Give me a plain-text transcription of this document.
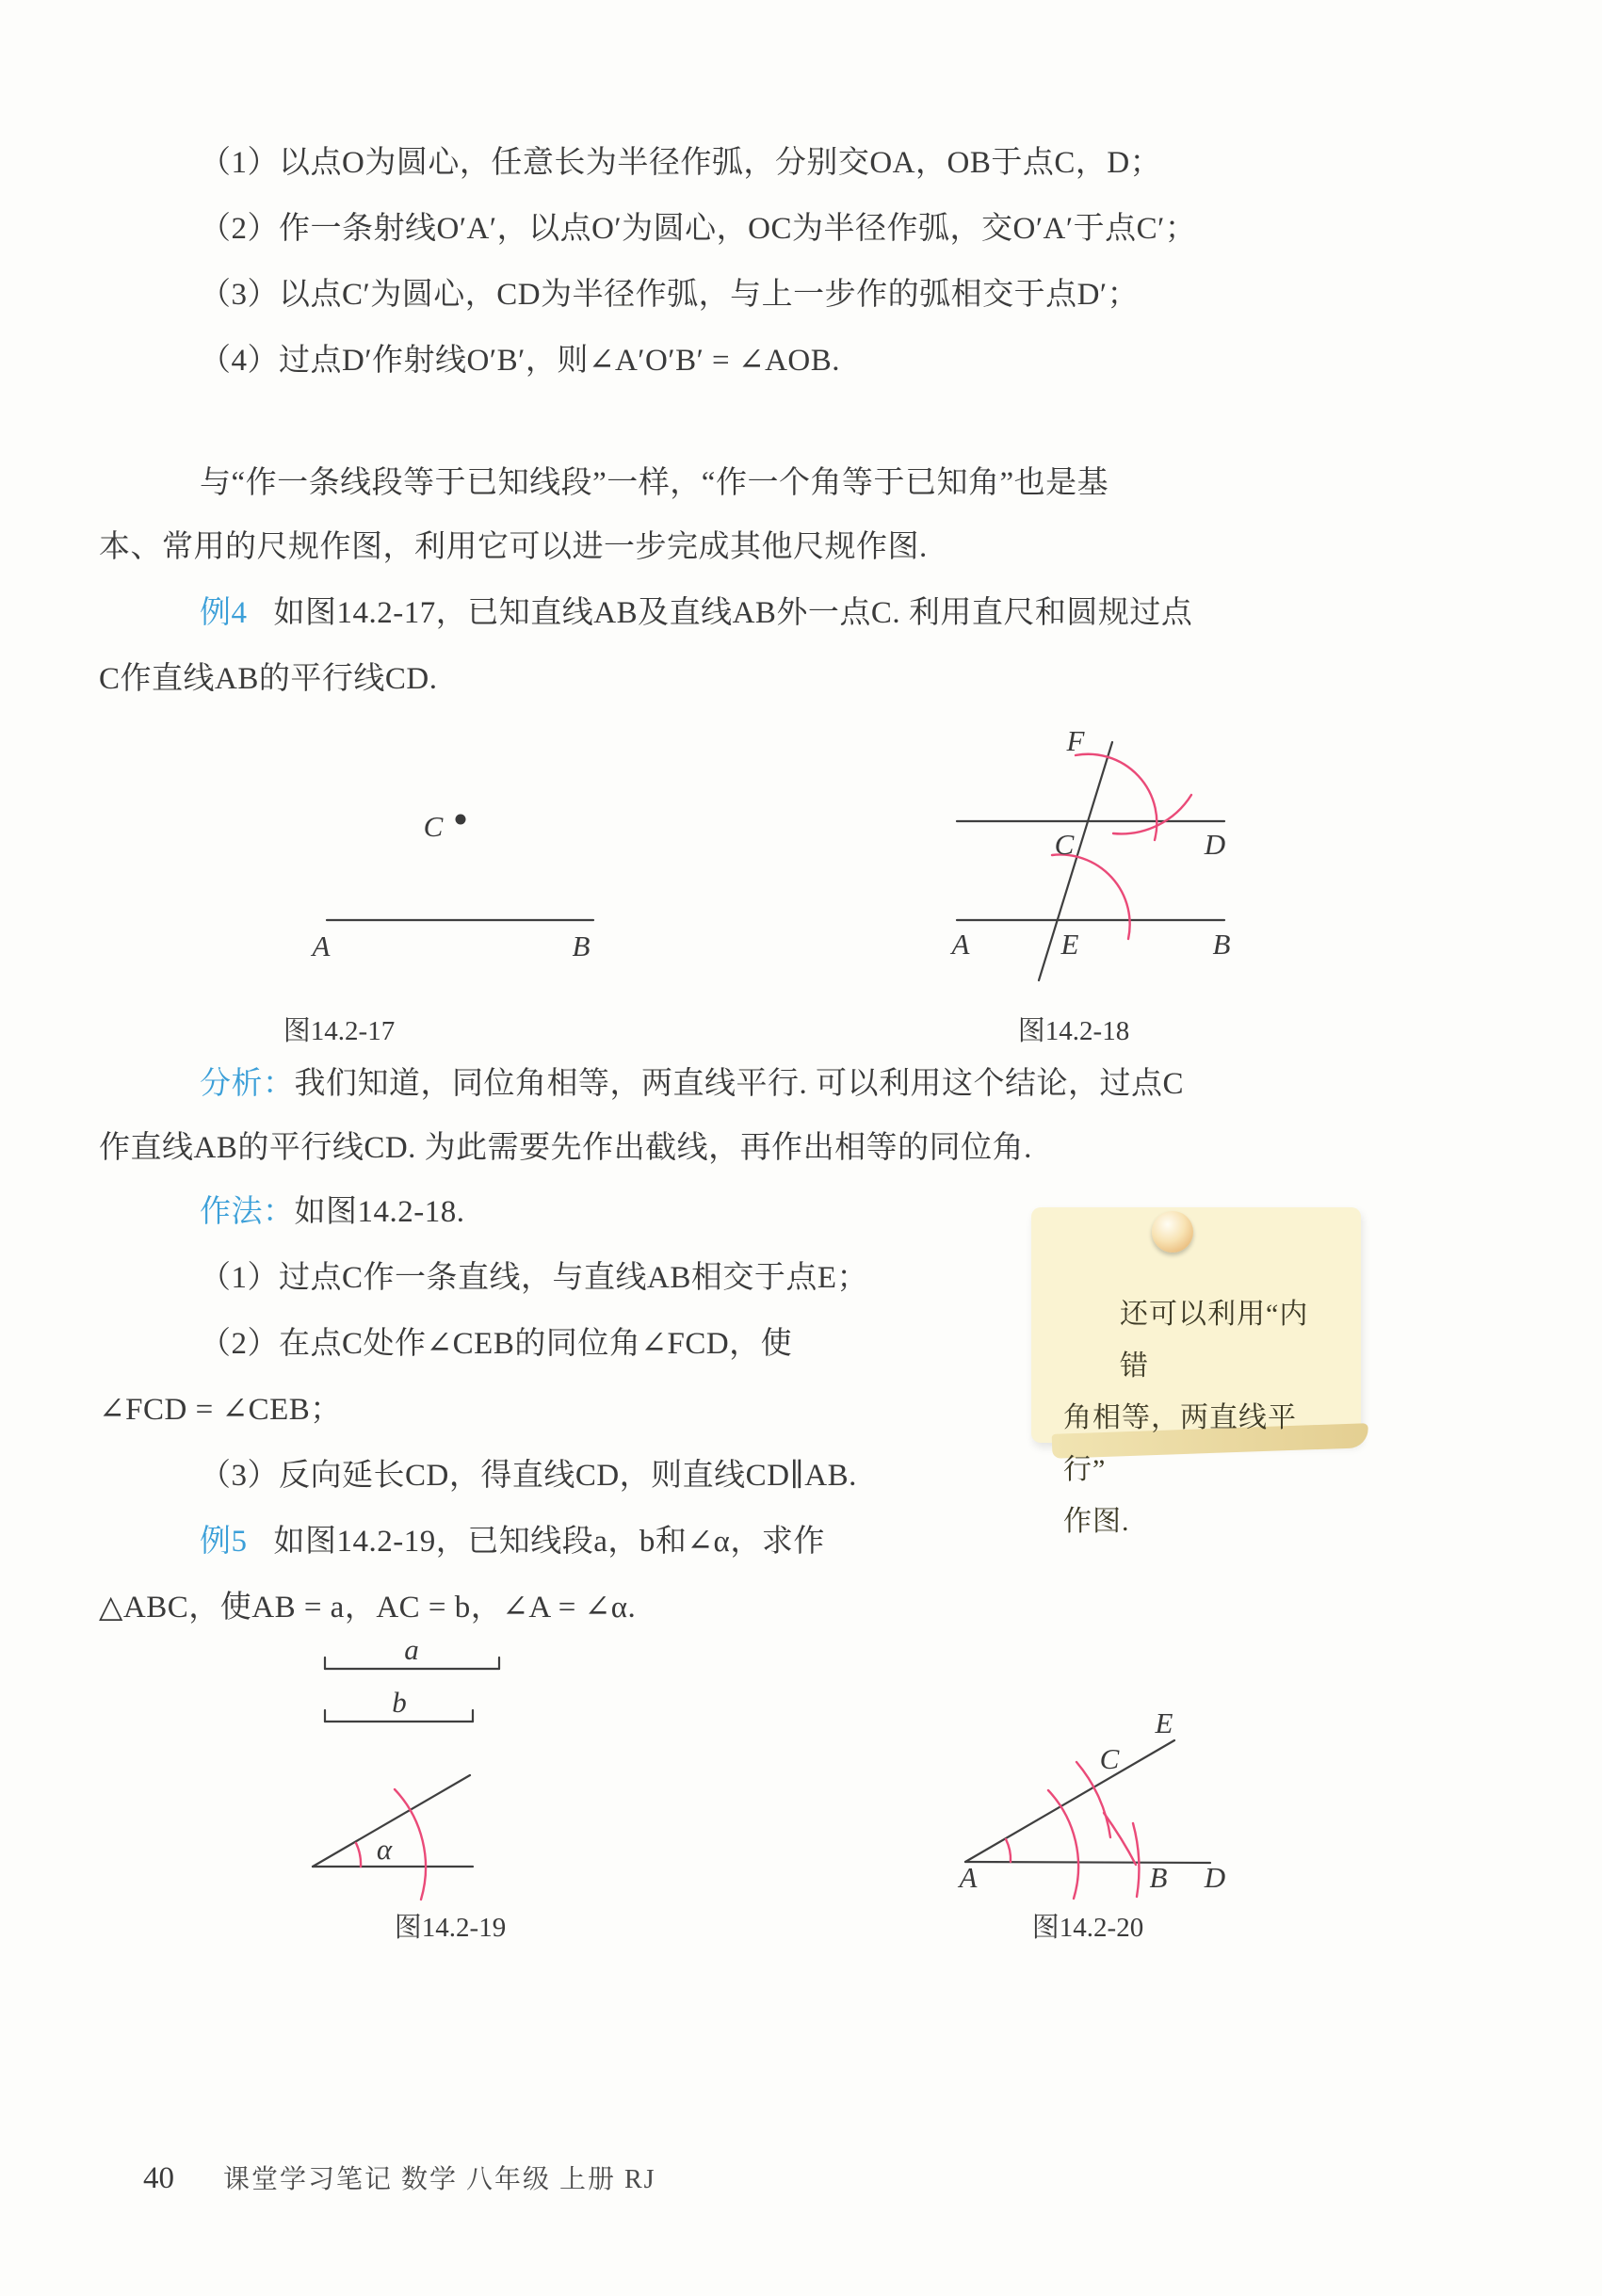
（1）以点O为圆心，任意长为半径作弧，分别交OA，OB于点C，D；
（2）作一条射线O′A′，以点O′为圆心，OC为半径作弧，交O′A′于点C′；
（3）以点C′为圆心，CD为半径作弧，与上一步作的弧相交于点D′；
（4）过点D′作射线O′B′，则∠A′O′B′ = ∠AOB.
与“作一条线段等于已知线段”一样，“作一个角等于已知角”也是基
本、常用的尺规作图，利用它可以进一步完成其他尺规作图.
例4 如图14.2-17，已知直线AB及直线AB外一点C. 利用直尺和圆规过点
C作直线AB的平行线CD.
C
A	B
图14.2-17
F
C	D
A	E	B
图14.2-18
分析：我们知道，同位角相等，两直线平行. 可以利用这个结论，过点C
作直线AB的平行线CD. 为此需要先作出截线，再作出相等的同位角.
作法：如图14.2-18.
（1）过点C作一条直线，与直线AB相交于点E；
（2）在点C处作∠CEB的同位角∠FCD，使
∠FCD = ∠CEB；
（3）反向延长CD，得直线CD，则直线CD∥AB.
例5 如图14.2-19，已知线段a，b和∠α，求作
△ABC，使AB = a，AC = b，∠A = ∠α.
还可以利用“内错
角相等，两直线平行”
作图.
a
b
α
图14.2-19
E
C
A	B D
图14.2-20
40 课堂学习笔记 数学 八年级 上册 RJ
